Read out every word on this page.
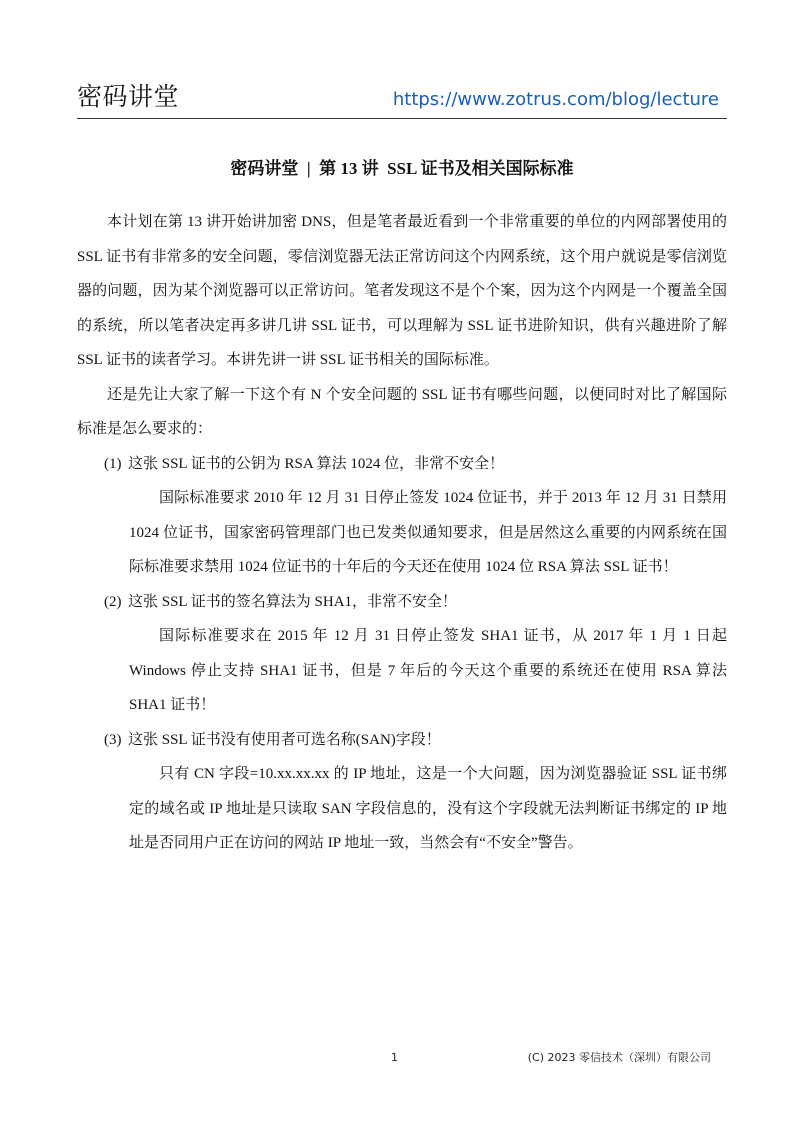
密码讲堂	https://www.zotrus.com/blog/lecture
密码讲堂  |  第 13 讲  SSL 证书及相关国际标准

本计划在第 13 讲开始讲加密 DNS，但是笔者最近看到一个非常重要的单位的内网部署使用的 SSL 证书有非常多的安全问题，零信浏览器无法正常访问这个内网系统，这个用户就说是零信浏览器的问题，因为某个浏览器可以正常访问。笔者发现这不是个个案，因为这个内网是一个覆盖全国的系统，所以笔者决定再多讲几讲 SSL 证书，可以理解为 SSL 证书进阶知识，供有兴趣进阶了解 SSL 证书的读者学习。本讲先讲一讲 SSL 证书相关的国际标准。

还是先让大家了解一下这个有 N 个安全问题的 SSL 证书有哪些问题，以便同时对比了解国际标准是怎么要求的：

(1) 这张 SSL 证书的公钥为 RSA 算法 1024 位，非常不安全！

国际标准要求 2010 年 12 月 31 日停止签发 1024 位证书，并于 2013 年 12 月 31 日禁用 1024 位证书，国家密码管理部门也已发类似通知要求，但是居然这么重要的内网系统在国际标准要求禁用 1024 位证书的十年后的今天还在使用 1024 位 RSA 算法 SSL 证书！

(2) 这张 SSL 证书的签名算法为 SHA1，非常不安全！

国际标准要求在 2015 年 12 月 31 日停止签发 SHA1 证书，从 2017 年 1 月 1 日起 Windows 停止支持 SHA1 证书，但是 7 年后的今天这个重要的系统还在使用 RSA 算法 SHA1 证书！

(3) 这张 SSL 证书没有使用者可选名称(SAN)字段！

只有 CN 字段=10.xx.xx.xx 的 IP 地址，这是一个大问题，因为浏览器验证 SSL 证书绑定的域名或 IP 地址是只读取 SAN 字段信息的，没有这个字段就无法判断证书绑定的 IP 地址是否同用户正在访问的网站 IP 地址一致，当然会有“不安全”警告。

1	(C) 2023 零信技术（深圳）有限公司
